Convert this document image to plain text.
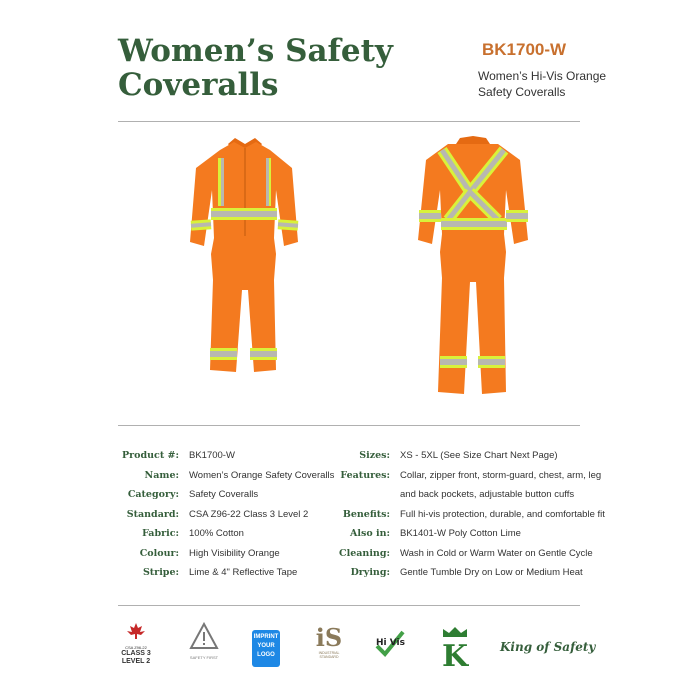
Women’s Safety
Coveralls
BK1700-W
Women’s Hi-Vis Orange
Safety Coveralls
Product #:	BK1700-W
Name:	Women’s Orange Safety Coveralls
Category:	Safety Coveralls
Standard:	CSA Z96-22 Class 3 Level 2
Fabric:	100% Cotton
Colour:	High Visibility Orange
Stripe:	Lime & 4" Reflective Tape
Sizes:	XS - 5XL (See Size Chart Next Page)
Features:	Collar, zipper front, storm-guard, chest, arm, leg
and back pockets, adjustable button cuffs
Benefits:	Full hi-vis protection, durable, and comfortable fit
Also in:	BK1401-W Poly Cotton Lime
Cleaning:	Wash in Cold or Warm Water on Gentle Cycle
Drying:	Gentle Tumble Dry on Low or Medium Heat
CSA Z96-22
CLASS 3
LEVEL 2
SAFETY FIRST
IMPRINT
YOUR
LOGO
iS
INDUSTRIAL STANDARD
Hi Vis K	King of Safety
